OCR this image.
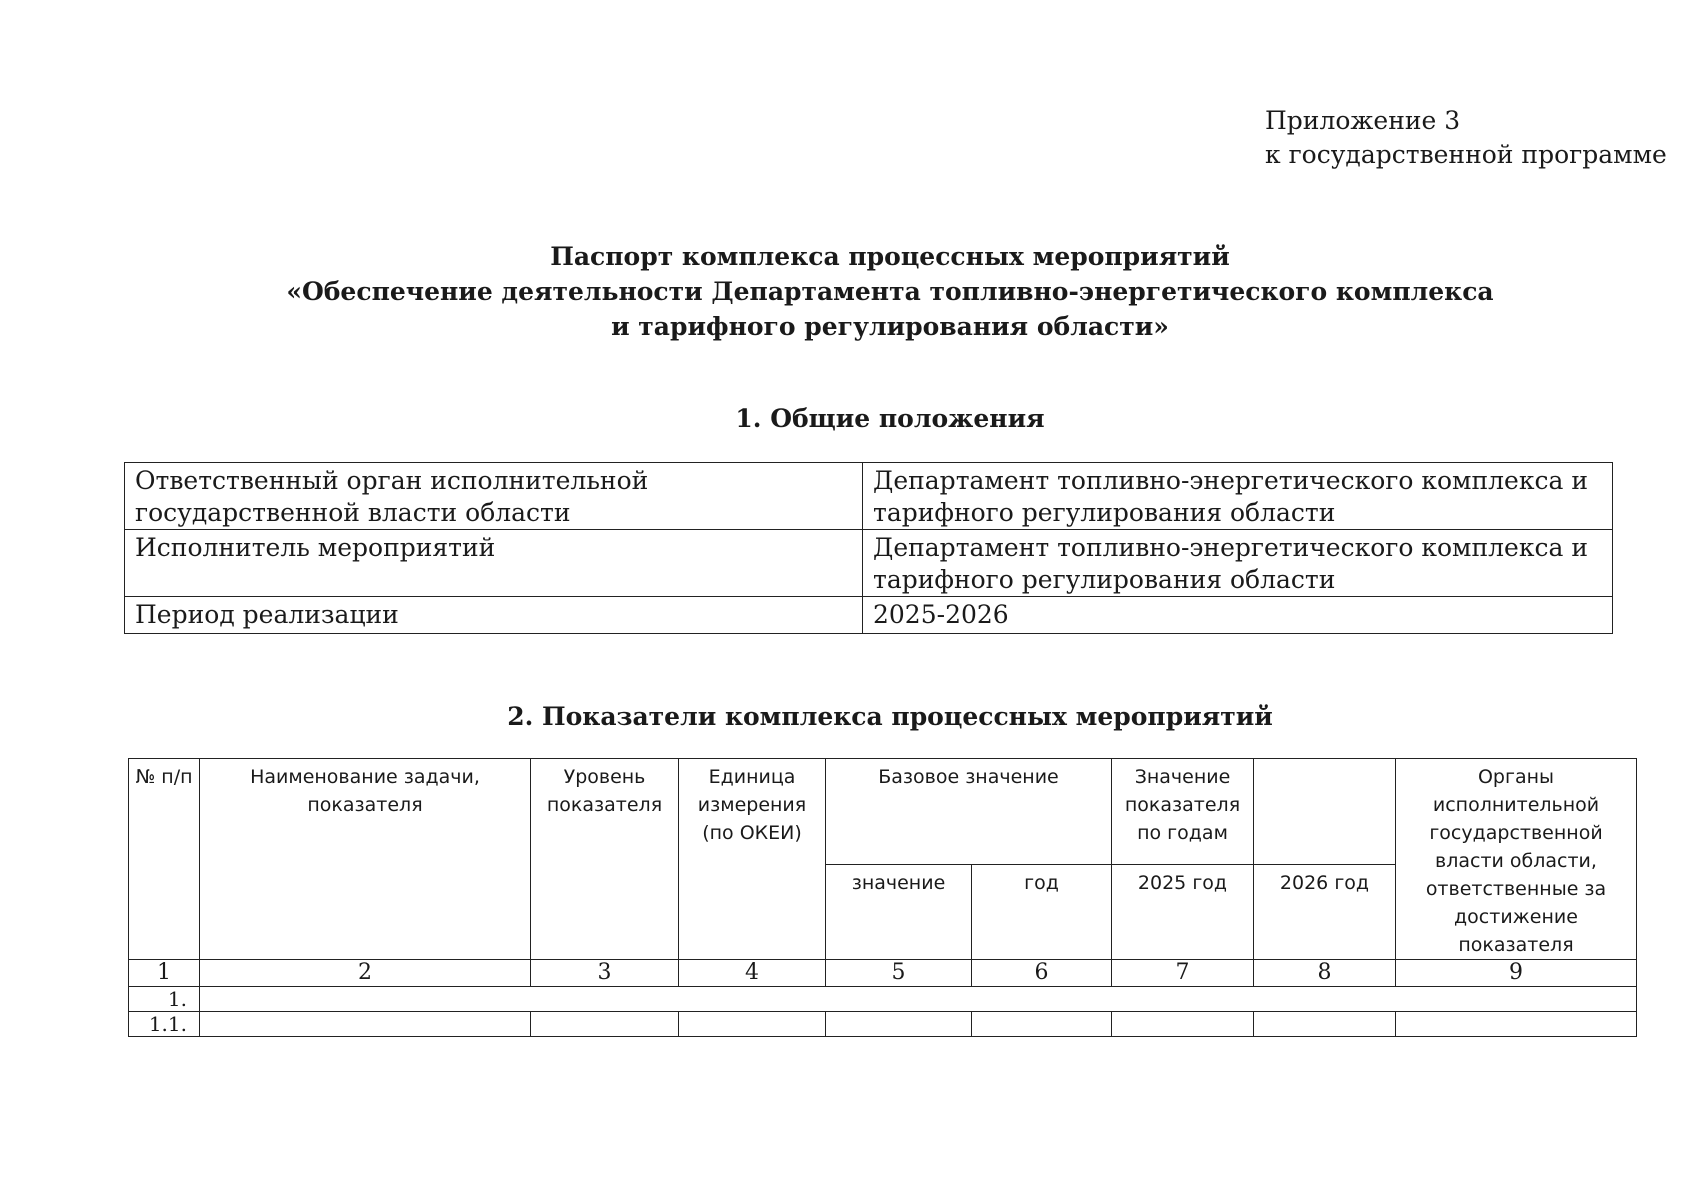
Приложение 3
к государственной программе
Паспорт комплекса процессных мероприятий
«Обеспечение деятельности Департамента топливно-энергетического комплекса
и тарифного регулирования области»
1. Общие положения
Ответственный орган исполнительной государственной власти области	Департамент топливно-энергетического комплекса и тарифного регулирования области
Исполнитель мероприятий	Департамент топливно-энергетического комплекса и тарифного регулирования области
Период реализации	2025-2026
2. Показатели комплекса процессных мероприятий
№ п/п	Наименование задачи, показателя	Уровень показателя	Единица измерения (по ОКЕИ)	Базовое значение		Значение показателя по годам		Органы исполнительной государственной власти области, ответственные за достижение показателя
				значение	год	2025 год	2026 год	
1	2	3	4	5	6	7	8	9
1.								
1.1.								
